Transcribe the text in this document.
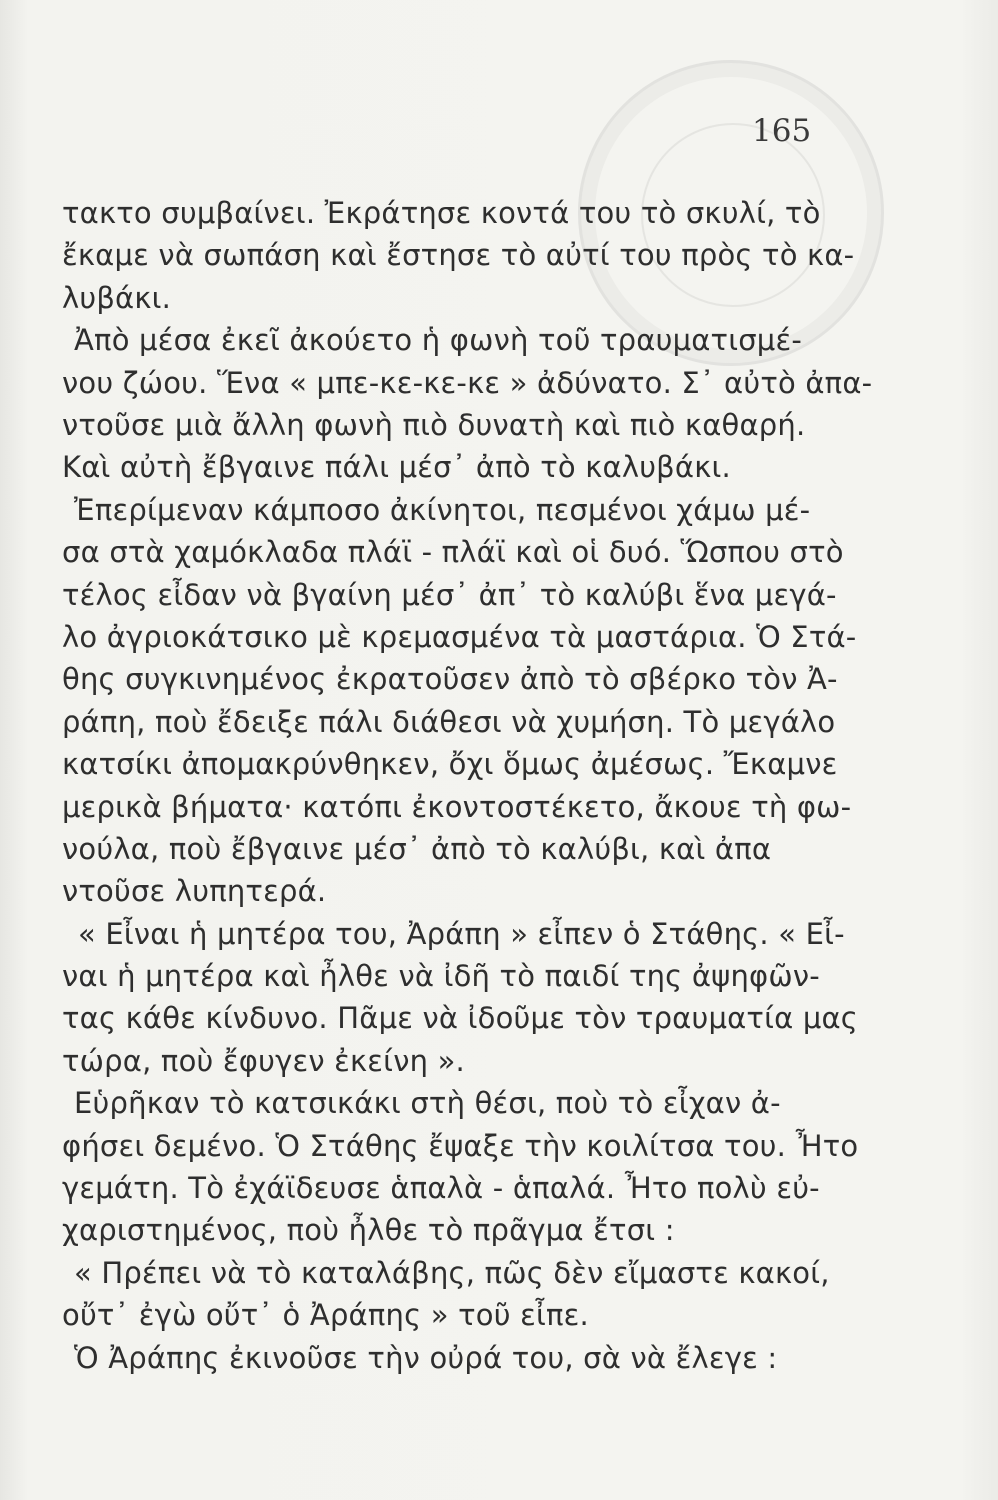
165
τακτο συμβαίνει. Ἐκράτησε κοντά του τὸ σκυλί, τὸ
ἔκαμε νὰ σωπάση καὶ ἔστησε τὸ αὐτί του πρὸς τὸ κα-
λυβάκι.
Ἀπὸ μέσα ἐκεῖ ἀκούετο ἡ φωνὴ τοῦ τραυματισμέ-
νου ζώου. Ἕνα « μπε-κε-κε-κε » ἀδύνατο. Σ᾽ αὐτὸ ἀπα-
ντοῦσε μιὰ ἄλλη φωνὴ πιὸ δυνατὴ καὶ πιὸ καθαρή.
Καὶ αὐτὴ ἔβγαινε πάλι μέσ᾽ ἀπὸ τὸ καλυβάκι.
Ἐπερίμεναν κάμποσο ἀκίνητοι, πεσμένοι χάμω μέ-
σα στὰ χαμόκλαδα πλάϊ - πλάϊ καὶ οἱ δυό. Ὥσπου στὸ
τέλος εἶδαν νὰ βγαίνη μέσ᾽ ἀπ᾽ τὸ καλύβι ἕνα μεγά-
λο ἀγριοκάτσικο μὲ κρεμασμένα τὰ μαστάρια. Ὁ Στά-
θης συγκινημένος ἐκρατοῦσεν ἀπὸ τὸ σβέρκο τὸν Ἀ-
ράπη, ποὺ ἔδειξε πάλι διάθεσι νὰ χυμήση. Τὸ μεγάλο
κατσίκι ἀπομακρύνθηκεν, ὄχι ὅμως ἀμέσως. Ἔκαμνε
μερικὰ βήματα· κατόπι ἐκοντοστέκετο, ἄκουε τὴ φω-
νούλα, ποὺ ἔβγαινε μέσ᾽ ἀπὸ τὸ καλύβι, καὶ ἀπα
ντοῦσε λυπητερά.
« Εἶναι ἡ μητέρα του, Ἀράπη » εἶπεν ὁ Στάθης. « Εἶ-
ναι ἡ μητέρα καὶ ἦλθε νὰ ἰδῆ τὸ παιδί της ἀψηφῶν-
τας κάθε κίνδυνο. Πᾶμε νὰ ἰδοῦμε τὸν τραυματία μας
τώρα, ποὺ ἔφυγεν ἐκείνη ».
Εὑρῆκαν τὸ κατσικάκι στὴ θέσι, ποὺ τὸ εἶχαν ἀ-
φήσει δεμένο. Ὁ Στάθης ἔψαξε τὴν κοιλίτσα του. Ἦτο
γεμάτη. Τὸ ἐχάϊδευσε ἁπαλὰ - ἁπαλά. Ἦτο πολὺ εὐ-
χαριστημένος, ποὺ ἦλθε τὸ πρᾶγμα ἔτσι :
« Πρέπει νὰ τὸ καταλάβης, πῶς δὲν εἴμαστε κακοί,
οὔτ᾽ ἐγὼ οὔτ᾽ ὁ Ἀράπης » τοῦ εἶπε.
Ὁ Ἀράπης ἐκινοῦσε τὴν οὐρά του, σὰ νὰ ἔλεγε :
